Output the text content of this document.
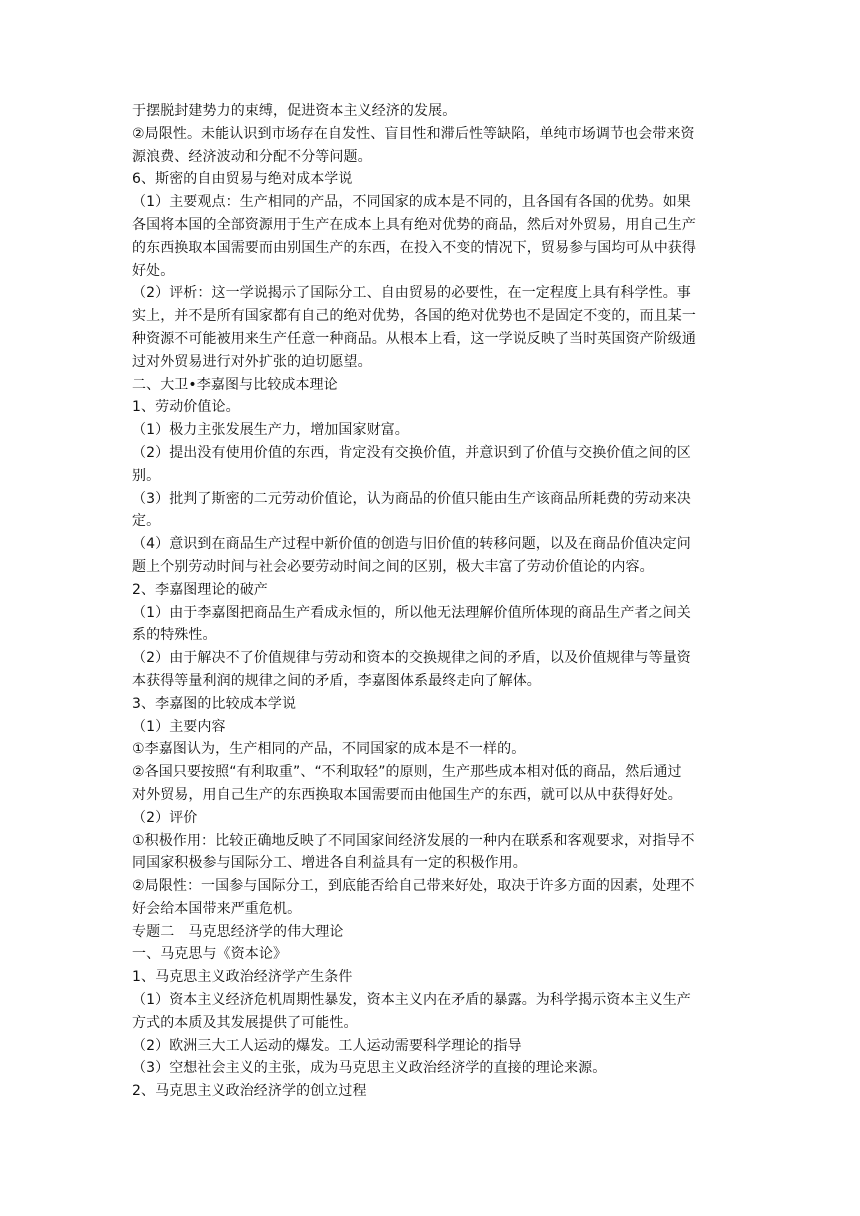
于摆脱封建势力的束缚，促进资本主义经济的发展。
②局限性。未能认识到市场存在自发性、盲目性和滞后性等缺陷，单纯市场调节也会带来资
源浪费、经济波动和分配不分等问题。
6、斯密的自由贸易与绝对成本学说
（1）主要观点：生产相同的产品，不同国家的成本是不同的，且各国有各国的优势。如果
各国将本国的全部资源用于生产在成本上具有绝对优势的商品，然后对外贸易，用自己生产
的东西换取本国需要而由别国生产的东西，在投入不变的情况下，贸易参与国均可从中获得
好处。
（2）评析：这一学说揭示了国际分工、自由贸易的必要性，在一定程度上具有科学性。事
实上，并不是所有国家都有自己的绝对优势，各国的绝对优势也不是固定不变的，而且某一
种资源不可能被用来生产任意一种商品。从根本上看，这一学说反映了当时英国资产阶级通
过对外贸易进行对外扩张的迫切愿望。
二、大卫•李嘉图与比较成本理论
1、劳动价值论。
（1）极力主张发展生产力，增加国家财富。
（2）提出没有使用价值的东西，肯定没有交换价值，并意识到了价值与交换价值之间的区
别。
（3）批判了斯密的二元劳动价值论，认为商品的价值只能由生产该商品所耗费的劳动来决
定。
（4）意识到在商品生产过程中新价值的创造与旧价值的转移问题，以及在商品价值决定问
题上个别劳动时间与社会必要劳动时间之间的区别，极大丰富了劳动价值论的内容。
2、李嘉图理论的破产
（1）由于李嘉图把商品生产看成永恒的，所以他无法理解价值所体现的商品生产者之间关
系的特殊性。
（2）由于解决不了价值规律与劳动和资本的交换规律之间的矛盾，以及价值规律与等量资
本获得等量利润的规律之间的矛盾，李嘉图体系最终走向了解体。
3、李嘉图的比较成本学说
（1）主要内容
①李嘉图认为，生产相同的产品，不同国家的成本是不一样的。
②各国只要按照“有利取重”、“不利取轻”的原则，生产那些成本相对低的商品，然后通过
对外贸易，用自己生产的东西换取本国需要而由他国生产的东西，就可以从中获得好处。
（2）评价
①积极作用：比较正确地反映了不同国家间经济发展的一种内在联系和客观要求，对指导不
同国家积极参与国际分工、增进各自利益具有一定的积极作用。
②局限性：一国参与国际分工，到底能否给自己带来好处，取决于许多方面的因素，处理不
好会给本国带来严重危机。
专题二　马克思经济学的伟大理论
一、马克思与《资本论》
1、马克思主义政治经济学产生条件
（1）资本主义经济危机周期性暴发，资本主义内在矛盾的暴露。为科学揭示资本主义生产
方式的本质及其发展提供了可能性。
（2）欧洲三大工人运动的爆发。工人运动需要科学理论的指导
（3）空想社会主义的主张，成为马克思主义政治经济学的直接的理论来源。
2、马克思主义政治经济学的创立过程
